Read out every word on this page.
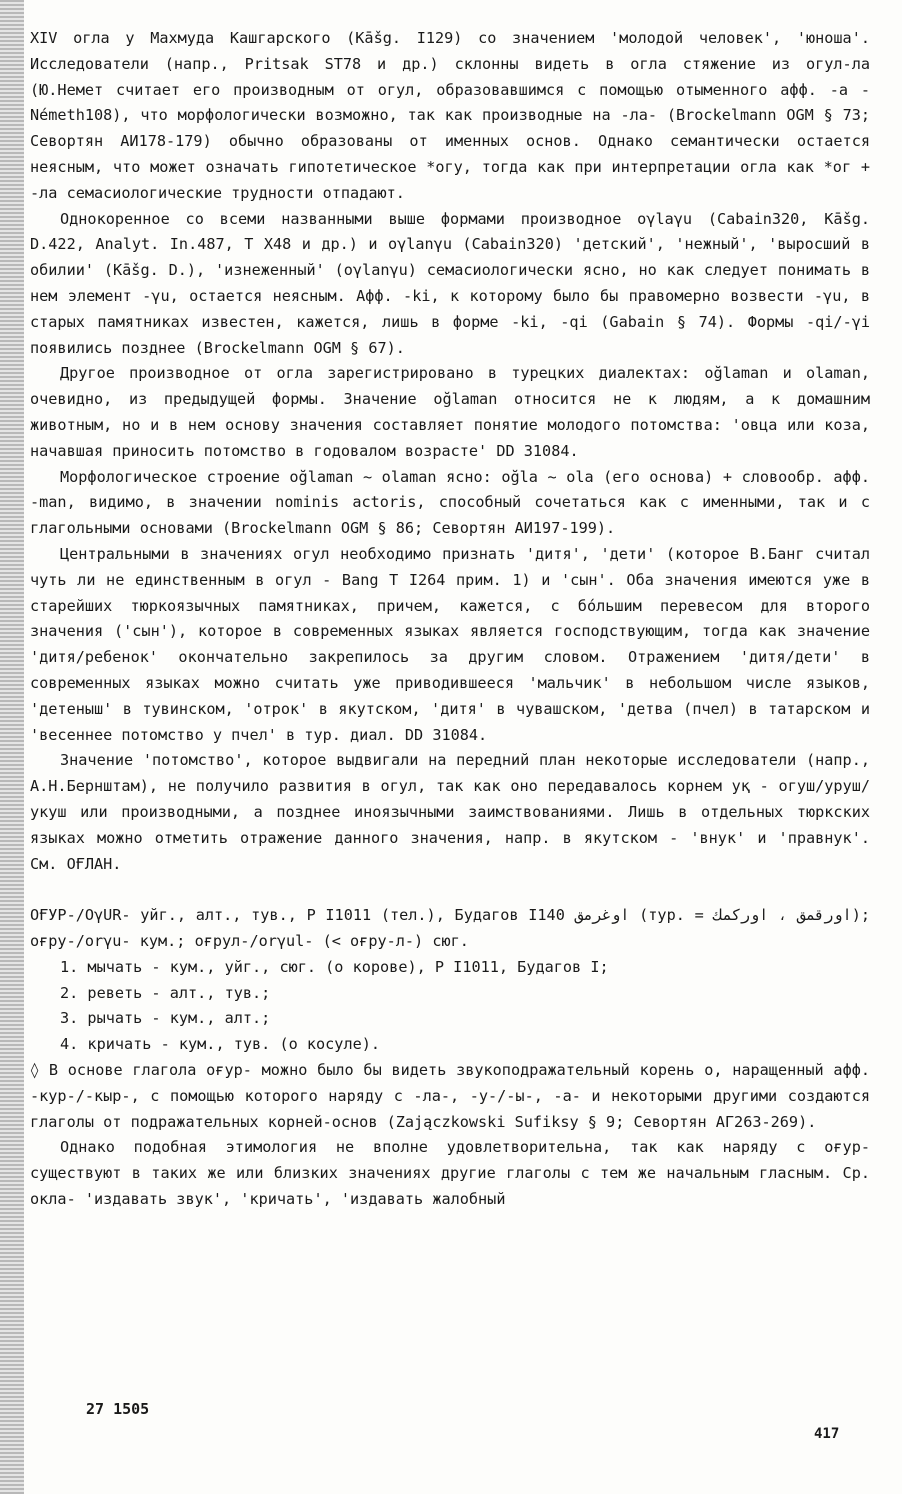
XIV огла у Махмуда Кашгарского (Kāšg. I129) со значением 'молодой человек', 'юноша'. Исследователи (напр., Pritsak ST78 и др.) склонны видеть в огла стяжение из огул-ла (Ю.Немет считает его производным от огул, образовавшимся с помощью отыменного афф. -а - Németh108), что морфологически возможно, так как производные на -ла- (Brockelmann OGM § 73; Севортян АИ178-179) обычно образованы от именных основ. Однако семантически остается неясным, что может означать гипотетическое *огу, тогда как при интерпретации огла как *ог + -ла семасиологические трудности отпадают.

Однокоренное со всеми названными выше формами производное oγlaγu (Cabain320, Kāšg. D.422, Analyt. In.487, T X48 и др.) и oγlanγu (Cabain320) 'детский', 'нежный', 'выросший в обилии' (Kāšg. D.), 'изнеженный' (oγlanγu) семасиологически ясно, но как следует понимать в нем элемент -γu, остается неясным. Афф. -ki, к которому было бы правомерно возвести -γu, в старых памятниках известен, кажется, лишь в форме -ki, -qi (Gabain § 74). Формы -qi/-γi появились позднее (Brockelmann OGM § 67).

Другое производное от огла зарегистрировано в турецких диалектах: oğlaman и olaman, очевидно, из предыдущей формы. Значение oğlaman относится не к людям, а к домашним животным, но и в нем основу значения составляет понятие молодого потомства: 'овца или коза, начавшая приносить потомство в годовалом возрасте' DD 31084.

Морфологическое строение oğlaman ~ olaman ясно: oğla ~ ola (его основа) + словообр. афф. -man, видимо, в значении nominis actoris, способный сочетаться как с именными, так и с глагольными основами (Brockelmann OGM § 86; Севортян АИ197-199).

Центральными в значениях огул необходимо признать 'дитя', 'дети' (которое В.Банг считал чуть ли не единственным в огул - Bang T I264 прим. 1) и 'сын'. Оба значения имеются уже в старейших тюркоязычных памятниках, причем, кажется, с бо́льшим перевесом для второго значения ('сын'), которое в современных языках является господствующим, тогда как значение 'дитя/ребенок' окончательно закрепилось за другим словом. Отражением 'дитя/дети' в современных языках можно считать уже приводившееся 'мальчик' в небольшом числе языков, 'детеныш' в тувинском, 'отрок' в якутском, 'дитя' в чувашском, 'детва (пчел) в татарском и 'весеннее потомство у пчел' в тур. диал. DD 31084.

Значение 'потомство', которое выдвигали на передний план некоторые исследователи (напр., А.Н.Бернштам), не получило развития в огул, так как оно передавалось корнем уқ - огуш/уруш/укуш или производными, а позднее иноязычными заимствованиями. Лишь в отдельных тюркских языках можно отметить отражение данного значения, напр. в якутском - 'внук' и 'правнук'. См. ОҒЛАН.

ОҒУР-/ОγUR- уйг., алт., тув., Р I1011 (тел.), Будагов I140 اوغرمق (тур. = اورقمق ، اوركمك); оғру-/orγu- кум.; оғрул-/orγul- (< оғру-л-) сюг.

1. мычать - кум., уйг., сюг. (о корове), Р I1011, Будагов I;

2. реветь - алт., тув.;

3. рычать - кум., алт.;

4. кричать - кум., тув. (о косуле).

◊ В основе глагола оғур- можно было бы видеть звукоподражательный корень о, наращенный афф. -кур-/-кыр-, с помощью которого наряду с -ла-, -у-/-ы-, -а- и некоторыми другими создаются глаголы от подражательных корней-основ (Zajączkowski Sufiksy § 9; Севортян АГ263-269).

Однако подобная этимология не вполне удовлетворительна, так как наряду с оғур- существуют в таких же или близких значениях другие глаголы с тем же начальным гласным. Ср. окла- 'издавать звук', 'кричать', 'издавать жалобный

27 1505
417
